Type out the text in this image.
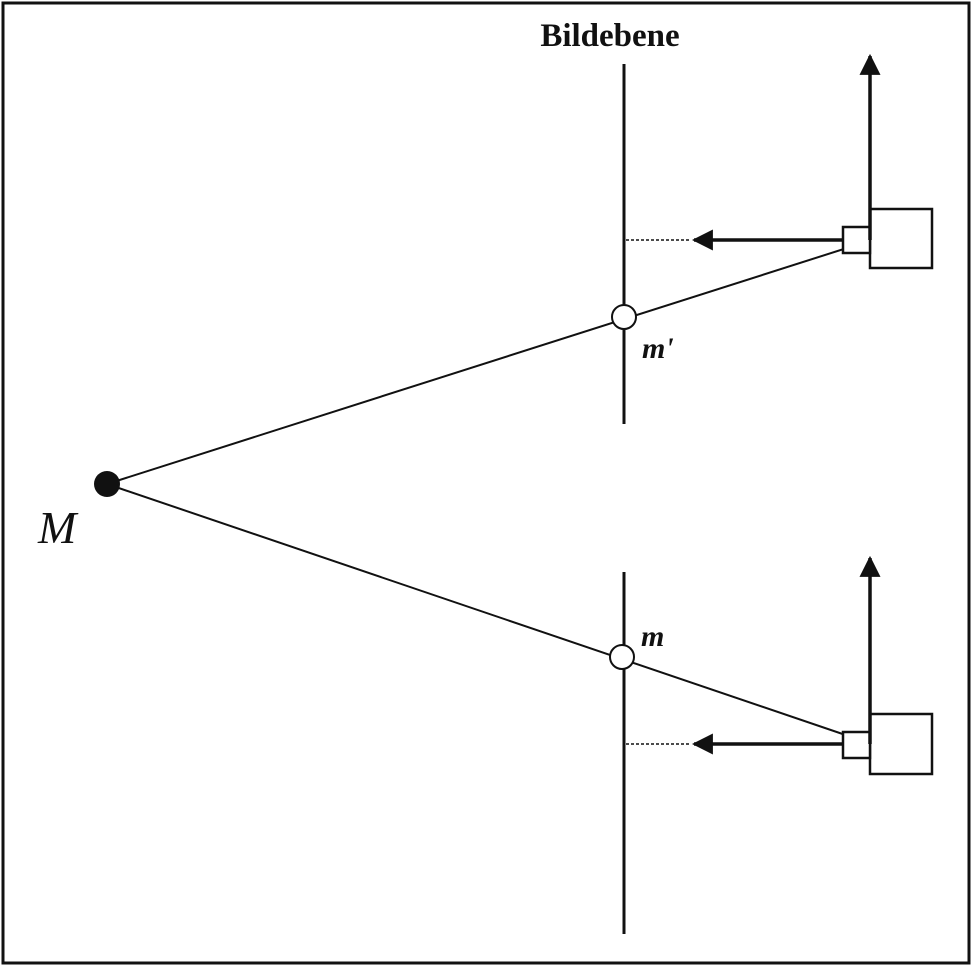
Bildebene
m'
m
M
